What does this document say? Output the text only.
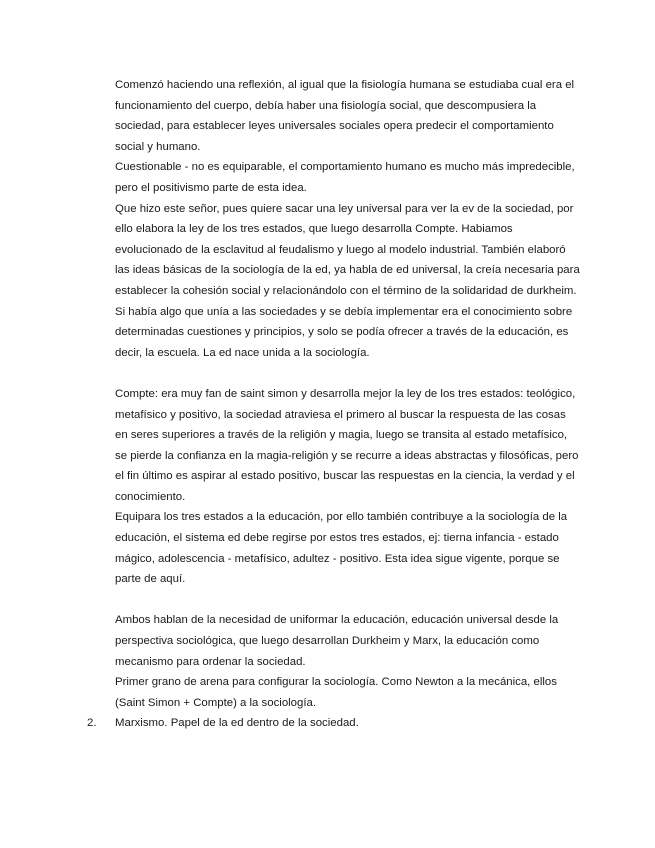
Comenzó haciendo una reflexión, al igual que la fisiología humana se estudiaba cual era el funcionamiento del cuerpo, debía haber una fisiología social, que descompusiera la sociedad, para establecer leyes universales sociales opera predecir el comportamiento social y humano.

Cuestionable - no es equiparable, el comportamiento humano es mucho más impredecible, pero el positivismo parte de esta idea.

Que hizo este señor, pues quiere sacar una ley universal para ver la ev de la sociedad, por ello elabora la ley de los tres estados, que luego desarrolla Compte. Habiamos evolucionado de la esclavitud al feudalismo y luego al modelo industrial. También elaboró las ideas básicas de la sociología de la ed, ya habla de ed universal, la creía necesaria para establecer la cohesión social y relacionándolo con el término de la solidaridad de durkheim. Si había algo que unía a las sociedades y se debía implementar era el conocimiento sobre determinadas cuestiones y principios, y solo se podía ofrecer a través de la educación, es decir, la escuela. La ed nace unida a la sociología.

Compte: era muy fan de saint simon y desarrolla mejor la ley de los tres estados: teológico, metafísico y positivo, la sociedad atraviesa el primero al buscar la respuesta de las cosas en seres superiores a través de la religión y magia, luego se transita al estado metafísico, se pierde la confianza en la magia-religión y se recurre a ideas abstractas y filosóficas, pero el fin último es aspirar al estado positivo, buscar las respuestas en la ciencia, la verdad y el conocimiento.

Equipara los tres estados a la educación, por ello también contribuye a la sociología de la educación, el sistema ed debe regirse por estos tres estados, ej: tierna infancia - estado mágico, adolescencia - metafísico, adultez - positivo. Esta idea sigue vigente, porque se parte de aquí.

Ambos hablan de la necesidad de uniformar la educación, educación universal desde la perspectiva sociológica, que luego desarrollan Durkheim y Marx, la educación como mecanismo para ordenar la sociedad.

Primer grano de arena para configurar la sociología. Como Newton a la mecánica, ellos (Saint Simon + Compte) a la sociología.

2. Marxismo. Papel de la ed dentro de la sociedad.
